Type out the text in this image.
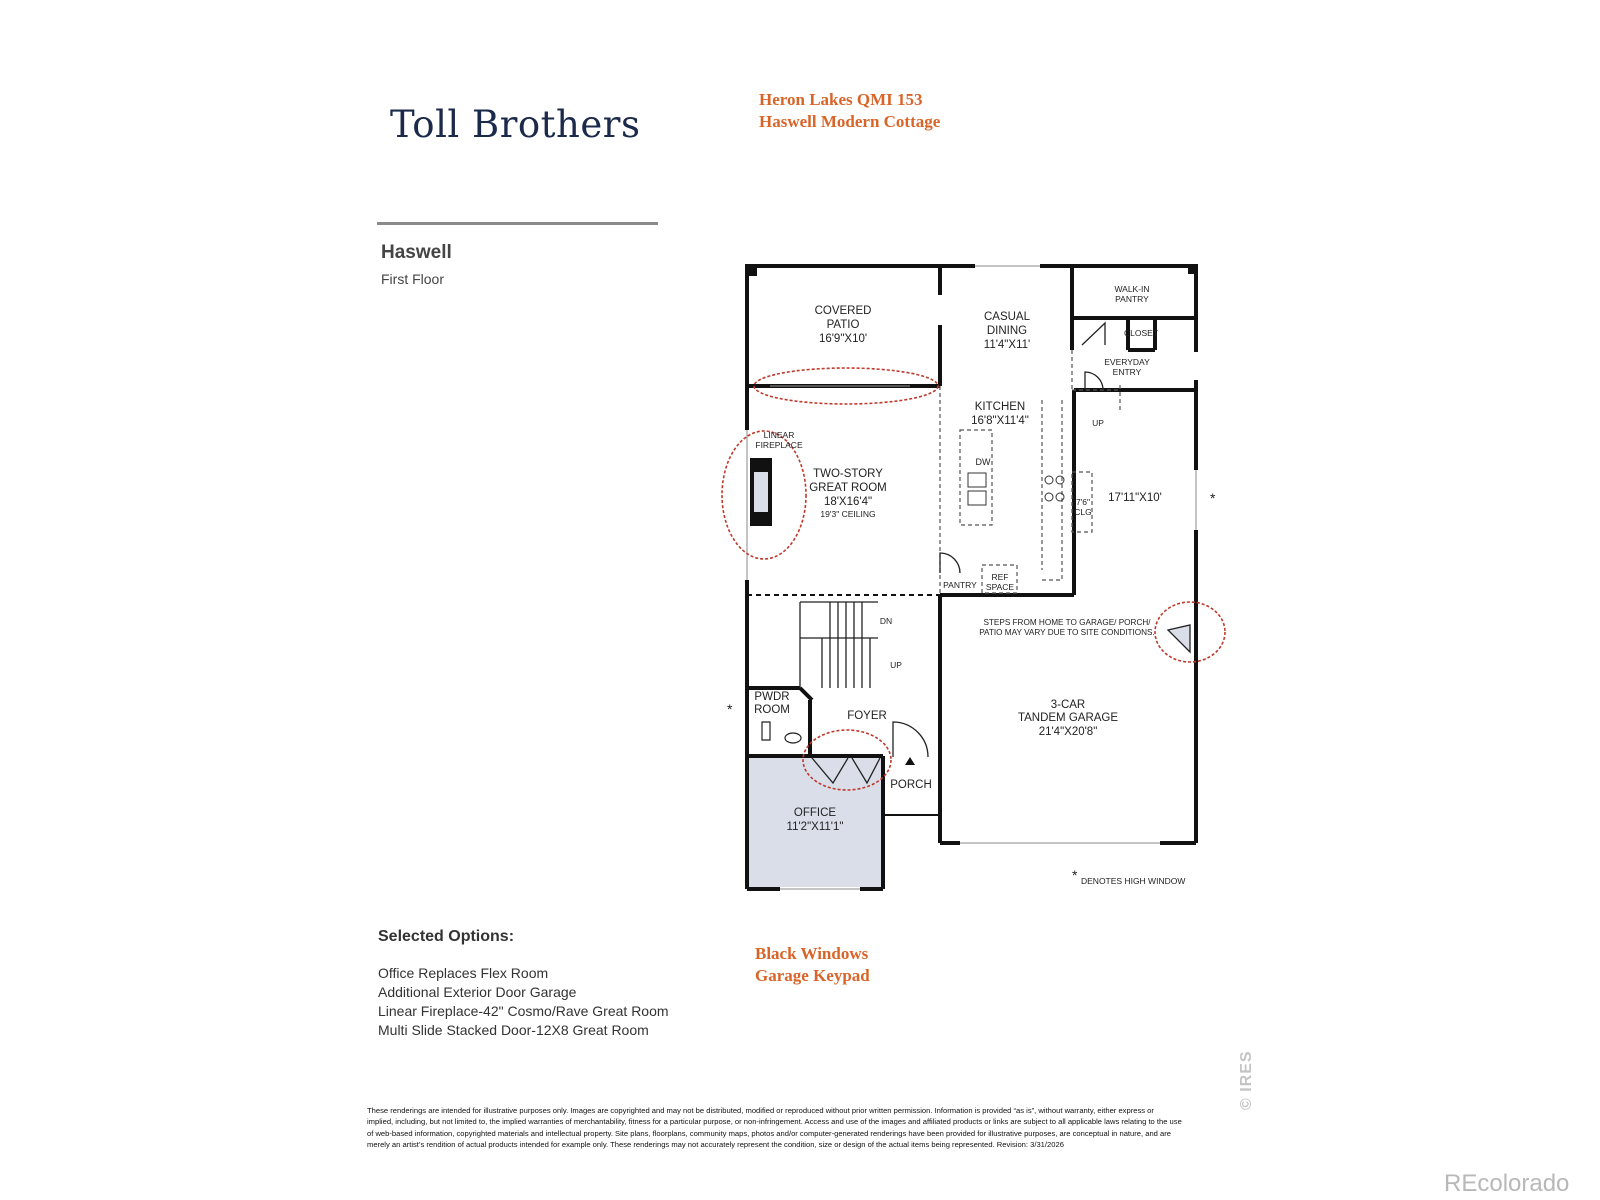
Toll Brothers
Heron Lakes QMI 153
Haswell Modern Cottage
Haswell
First Floor
COVERED
PATIO
16'9"X10'
CASUAL
DINING
11'4"X11'
WALK-IN
PANTRY
CLOSET
EVERYDAY
ENTRY
KITCHEN
16'8"X11'4"
LINEAR
FIREPLACE
TWO-STORY
GREAT ROOM
18'X16'4"
19'3" CEILING
DW
7'6"
CLG
17'11"X10'
PANTRY
REF
SPACE
DN
UP
UP
STEPS FROM HOME TO GARAGE/ PORCH/
PATIO MAY VARY DUE TO SITE CONDITIONS.
PWDR
ROOM	FOYER
3-CAR
TANDEM GARAGE
21'4"X20'8"
PORCH
OFFICE
11'2"X11'1"
*
*
* DENOTES HIGH WINDOW
Selected Options:
Office Replaces Flex Room
Additional Exterior Door Garage
Linear Fireplace-42" Cosmo/Rave Great Room
Multi Slide Stacked Door-12X8 Great Room
Black Windows
Garage Keypad
These renderings are intended for illustrative purposes only. Images are copyrighted and may not be distributed, modified or reproduced without prior written permission. Information is provided “as is”, without warranty, either express or implied, including, but not limited to, the implied warranties of merchantability, fitness for a particular purpose, or non-infringement. Access and use of the images and affiliated products or links are subject to all applicable laws relating to the use of web-based information, copyrighted materials and intellectual property. Site plans, floorplans, community maps, photos and/or computer-generated renderings have been provided for illustrative purposes, are conceptual in nature, and are merely an artist’s rendition of actual products intended for example only. These renderings may not accurately represent the condition, size or design of the actual items being represented. Revision: 3/31/2026
© IRES
REcolorado
